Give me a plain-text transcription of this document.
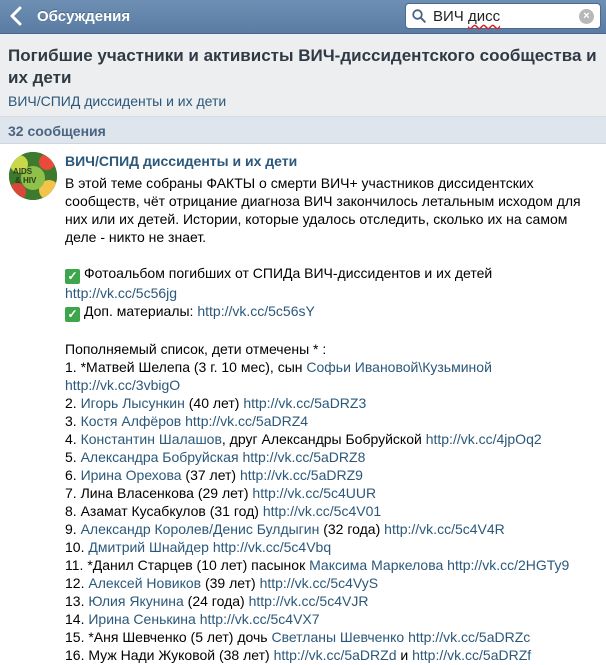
Обсуждения	ВИЧ дисс	×
Погибшие участники и активисты ВИЧ-диссидентского сообщества и их дети
ВИЧ/СПИД диссиденты и их дети
32 сообщения
AIDS
& HIV
ВИЧ/СПИД диссиденты и их дети

В этой теме собраны ФАКТЫ о смерти ВИЧ+ участников диссидентских сообществ, чёт отрицание диагноза ВИЧ закончилось летальным исходом для них или их детей. Истории, которые удалось отследить, сколько их на самом деле - никто не знает.

✓ Фотоальбом погибших от СПИДа ВИЧ-диссидентов и их детей
http://vk.cc/5c56jg

✓ Доп. материалы: http://vk.cc/5c56sY

Пополняемый список, дети отмечены * :

1. *Матвей Шелепа (3 г. 10 мес), сын Софьи Ивановой\Кузьминой
http://vk.cc/3vbigO

2. Игорь Лысункин (40 лет) http://vk.cc/5aDRZ3

3. Костя Алфёров http://vk.cc/5aDRZ4

4. Константин Шалашов, друг Александры Бобруйской http://vk.cc/4jpOq2

5. Александра Бобруйская http://vk.cc/5aDRZ8

6. Ирина Орехова (37 лет) http://vk.cc/5aDRZ9

7. Лина Власенкова (29 лет) http://vk.cc/5c4UUR

8. Азамат Кусабкулов (31 год) http://vk.cc/5c4V01

9. Александр Королев/Денис Булдыгин (32 года) http://vk.cc/5c4V4R

10. Дмитрий Шнайдер http://vk.cc/5c4Vbq

11. *Данил Старцев (10 лет) пасынок Максима Маркелова http://vk.cc/2HGTy9

12. Алексей Новиков (39 лет) http://vk.cc/5c4VyS

13. Юлия Якунина (24 года) http://vk.cc/5c4VJR

14. Ирина Сенькина http://vk.cc/5c4VX7

15. *Аня Шевченко (5 лет) дочь Светланы Шевченко http://vk.cc/5aDRZc

16. Муж Нади Жуковой (38 лет) http://vk.cc/5aDRZd и http://vk.cc/5aDRZf
